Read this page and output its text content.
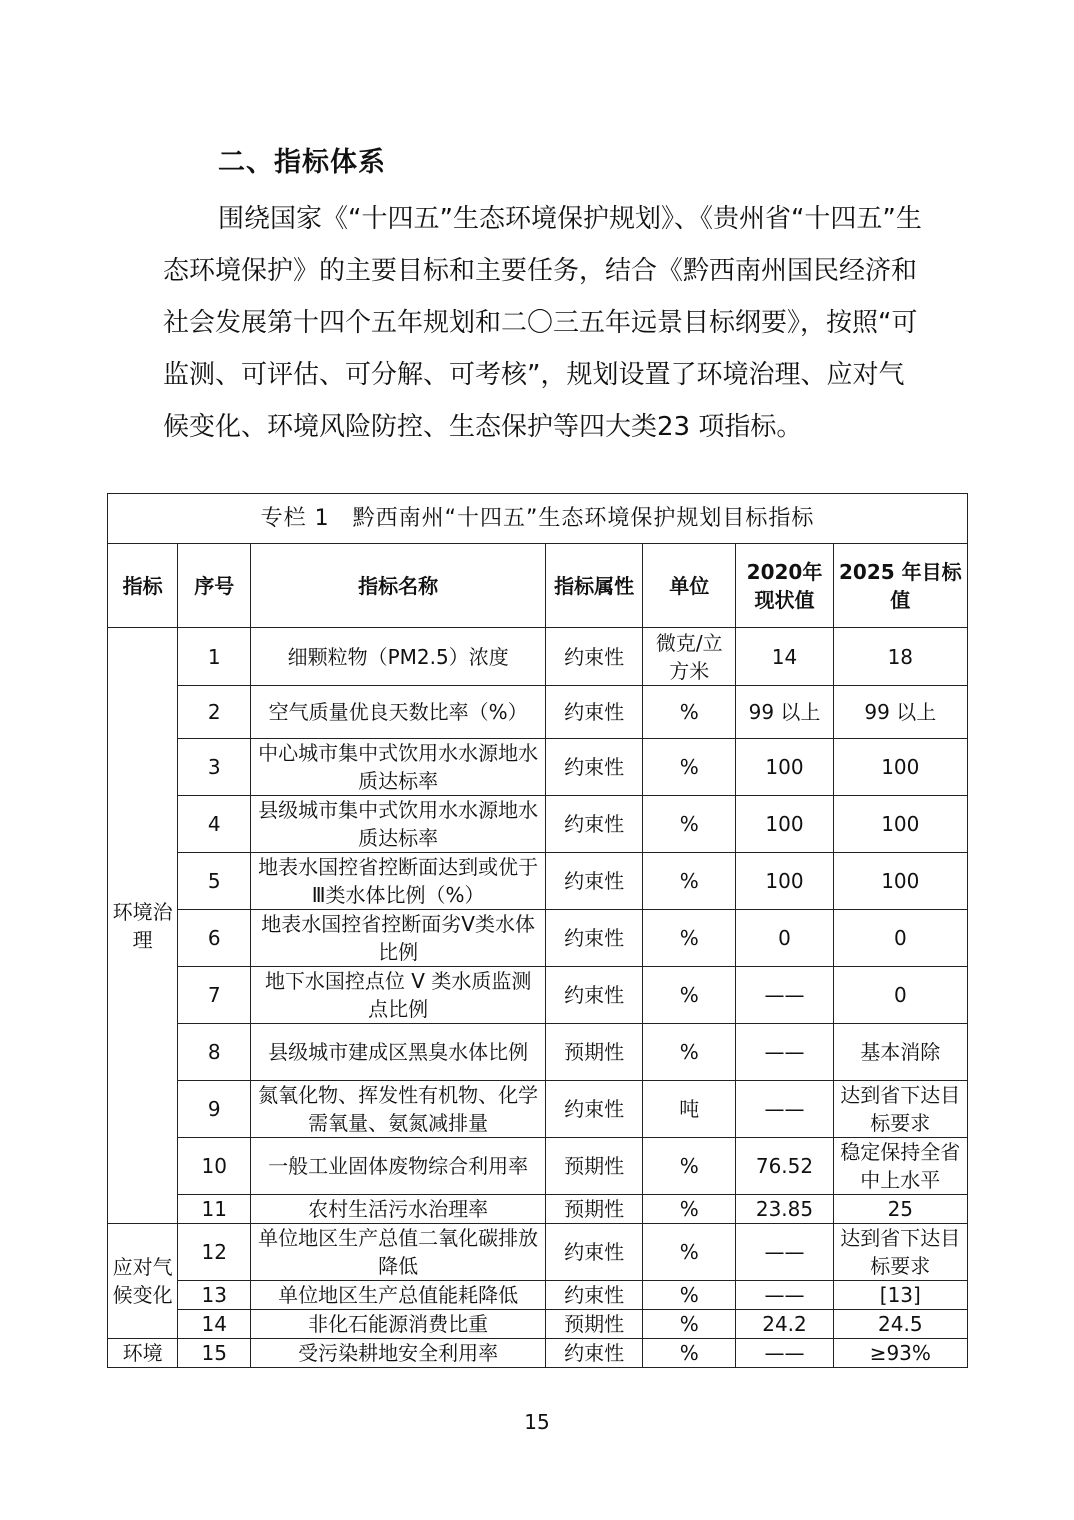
二、指标体系
围绕国家《“十四五”生态环境保护规划》、《贵州省“十四五”生态环境保护》的主要目标和主要任务，结合《黔西南州国民经济和社会发展第十四个五年规划和二〇三五年远景目标纲要》，按照“可监测、可评估、可分解、可考核”，规划设置了环境治理、应对气候变化、环境风险防控、生态保护等四大类23 项指标。
专栏 1　黔西南州“十四五”生态环境保护规划目标指标						
指标	序号	指标名称	指标属性	单位	2020年现状值	2025 年目标值
环境治理	1	细颗粒物（PM2.5）浓度	约束性	微克/立方米	14	18
	2	空气质量优良天数比率（%）	约束性	%	99 以上	99 以上
	3	中心城市集中式饮用水水源地水质达标率	约束性	%	100	100
	4	县级城市集中式饮用水水源地水质达标率	约束性	%	100	100
	5	地表水国控省控断面达到或优于Ⅲ类水体比例（%）	约束性	%	100	100
	6	地表水国控省控断面劣V类水体比例	约束性	%	0	0
	7	地下水国控点位 V 类水质监测点比例	约束性	%	——	0
	8	县级城市建成区黑臭水体比例	预期性	%	——	基本消除
	9	氮氧化物、挥发性有机物、化学需氧量、氨氮减排量	约束性	吨	——	达到省下达目标要求
	10	一般工业固体废物综合利用率	预期性	%	76.52	稳定保持全省中上水平
	11	农村生活污水治理率	预期性	%	23.85	25
应对气候变化	12	单位地区生产总值二氧化碳排放降低	约束性	%	——	达到省下达目标要求
	13	单位地区生产总值能耗降低	约束性	%	——	[13]
	14	非化石能源消费比重	预期性	%	24.2	24.5
环境	15	受污染耕地安全利用率	约束性	%	——	≥93%
15
